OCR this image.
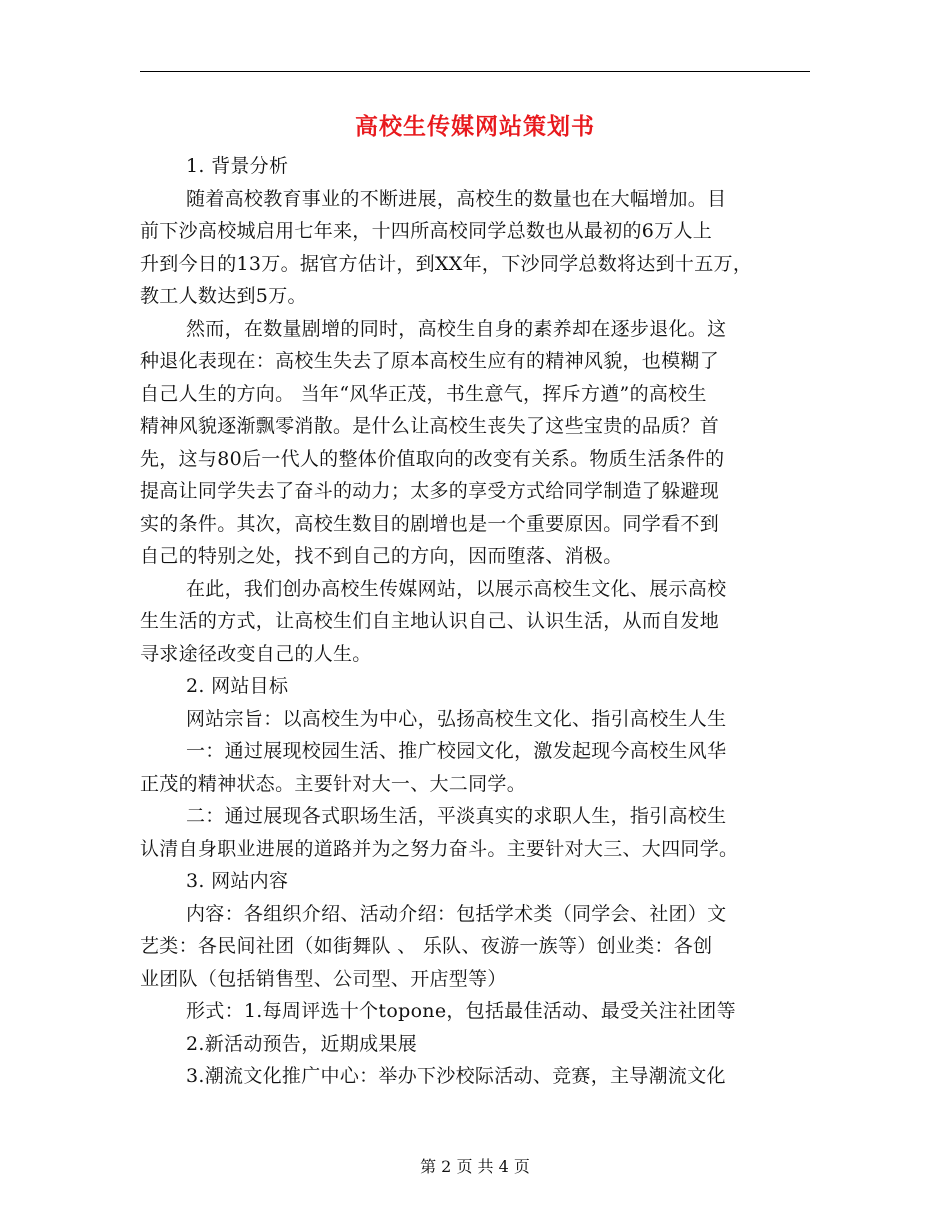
高校生传媒网站策划书
1. 背景分析
随着高校教育事业的不断进展，高校生的数量也在大幅增加。目
前下沙高校城启用七年来，十四所高校同学总数也从最初的6万人上
升到今日的13万。据官方估计，到XX年，下沙同学总数将达到十五万，
教工人数达到5万。
然而，在数量剧增的同时，高校生自身的素养却在逐步退化。这
种退化表现在：高校生失去了原本高校生应有的精神风貌，也模糊了
自己人生的方向。 当年“风华正茂，书生意气，挥斥方遒”的高校生
精神风貌逐渐飘零消散。是什么让高校生丧失了这些宝贵的品质？首
先，这与80后一代人的整体价值取向的改变有关系。物质生活条件的
提高让同学失去了奋斗的动力；太多的享受方式给同学制造了躲避现
实的条件。其次，高校生数目的剧增也是一个重要原因。同学看不到
自己的特别之处，找不到自己的方向，因而堕落、消极。
在此，我们创办高校生传媒网站，以展示高校生文化、展示高校
生生活的方式，让高校生们自主地认识自己、认识生活，从而自发地
寻求途径改变自己的人生。
2. 网站目标
网站宗旨：以高校生为中心，弘扬高校生文化、指引高校生人生
一：通过展现校园生活、推广校园文化，激发起现今高校生风华
正茂的精神状态。主要针对大一、大二同学。
二：通过展现各式职场生活，平淡真实的求职人生，指引高校生
认清自身职业进展的道路并为之努力奋斗。主要针对大三、大四同学。
3. 网站内容
内容：各组织介绍、活动介绍：包括学术类（同学会、社团）文
艺类：各民间社团（如街舞队 、 乐队、夜游一族等）创业类：各创
业团队（包括销售型、公司型、开店型等）
形式：1.每周评选十个topone，包括最佳活动、最受关注社团等
2.新活动预告，近期成果展
3.潮流文化推广中心：举办下沙校际活动、竞赛，主导潮流文化
第 2 页 共 4 页
